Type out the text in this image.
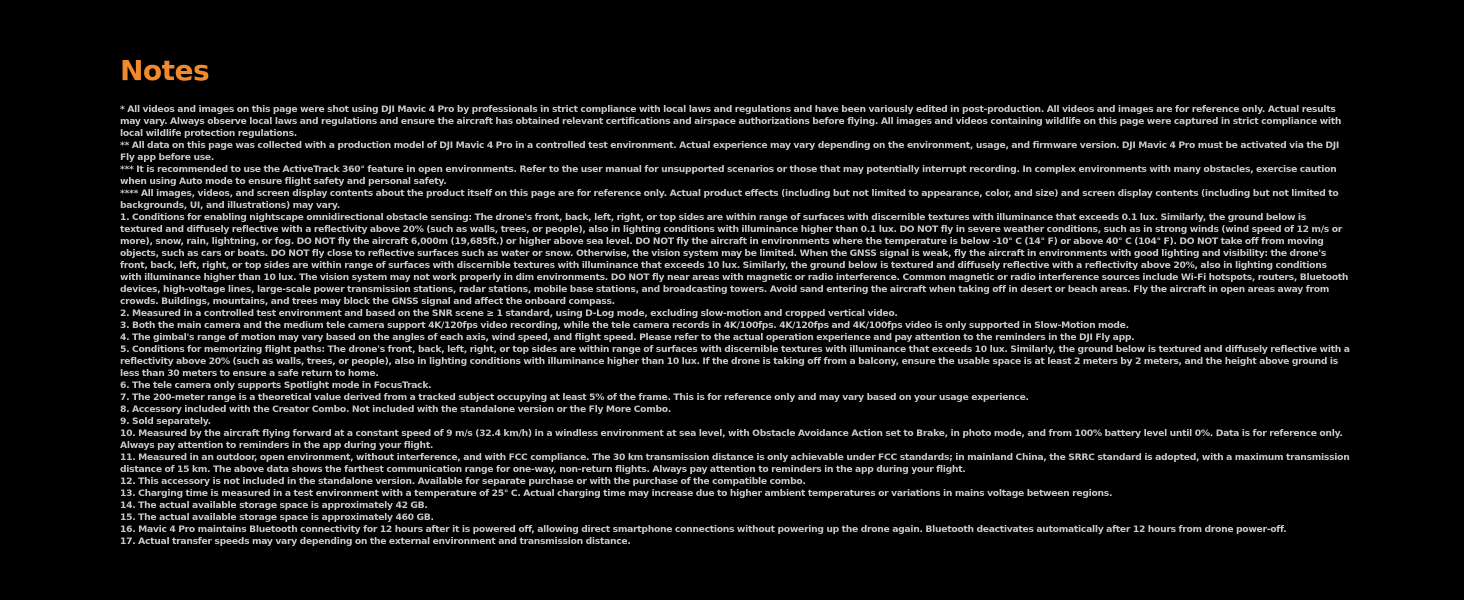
Notes

* All videos and images on this page were shot using DJI Mavic 4 Pro by professionals in strict compliance with local laws and regulations and have been variously edited in post-production. All videos and images are for reference only. Actual results may vary. Always observe local laws and regulations and ensure the aircraft has obtained relevant certifications and airspace authorizations before flying. All images and videos containing wildlife on this page were captured in strict compliance with local wildlife protection regulations.

** All data on this page was collected with a production model of DJI Mavic 4 Pro in a controlled test environment. Actual experience may vary depending on the environment, usage, and firmware version. DJI Mavic 4 Pro must be activated via the DJI Fly app before use.

*** It is recommended to use the ActiveTrack 360° feature in open environments. Refer to the user manual for unsupported scenarios or those that may potentially interrupt recording. In complex environments with many obstacles, exercise caution when using Auto mode to ensure flight safety and personal safety.

**** All images, videos, and screen display contents about the product itself on this page are for reference only. Actual product effects (including but not limited to appearance, color, and size) and screen display contents (including but not limited to backgrounds, UI, and illustrations) may vary.

1. Conditions for enabling nightscape omnidirectional obstacle sensing: The drone's front, back, left, right, or top sides are within range of surfaces with discernible textures with illuminance that exceeds 0.1 lux. Similarly, the ground below is textured and diffusely reflective with a reflectivity above 20% (such as walls, trees, or people), also in lighting conditions with illuminance higher than 0.1 lux. DO NOT fly in severe weather conditions, such as in strong winds (wind speed of 12 m/s or more), snow, rain, lightning, or fog. DO NOT fly the aircraft 6,000m (19,685ft.) or higher above sea level. DO NOT fly the aircraft in environments where the temperature is below -10° C (14° F) or above 40° C (104° F). DO NOT take off from moving objects, such as cars or boats. DO NOT fly close to reflective surfaces such as water or snow. Otherwise, the vision system may be limited. When the GNSS signal is weak, fly the aircraft in environments with good lighting and visibility: the drone's front, back, left, right, or top sides are within range of surfaces with discernible textures with illuminance that exceeds 10 lux. Similarly, the ground below is textured and diffusely reflective with a reflectivity above 20%, also in lighting conditions with illuminance higher than 10 lux. The vision system may not work properly in dim environments. DO NOT fly near areas with magnetic or radio interference. Common magnetic or radio interference sources include Wi-Fi hotspots, routers, Bluetooth devices, high-voltage lines, large-scale power transmission stations, radar stations, mobile base stations, and broadcasting towers. Avoid sand entering the aircraft when taking off in desert or beach areas. Fly the aircraft in open areas away from crowds. Buildings, mountains, and trees may block the GNSS signal and affect the onboard compass.

2. Measured in a controlled test environment and based on the SNR scene ≥ 1 standard, using D-Log mode, excluding slow-motion and cropped vertical video.

3. Both the main camera and the medium tele camera support 4K/120fps video recording, while the tele camera records in 4K/100fps. 4K/120fps and 4K/100fps video is only supported in Slow-Motion mode.

4. The gimbal's range of motion may vary based on the angles of each axis, wind speed, and flight speed. Please refer to the actual operation experience and pay attention to the reminders in the DJI Fly app.

5. Conditions for memorizing flight paths: The drone's front, back, left, right, or top sides are within range of surfaces with discernible textures with illuminance that exceeds 10 lux. Similarly, the ground below is textured and diffusely reflective with a reflectivity above 20% (such as walls, trees, or people), also in lighting conditions with illuminance higher than 10 lux. If the drone is taking off from a balcony, ensure the usable space is at least 2 meters by 2 meters, and the height above ground is less than 30 meters to ensure a safe return to home.

6. The tele camera only supports Spotlight mode in FocusTrack.

7. The 200-meter range is a theoretical value derived from a tracked subject occupying at least 5% of the frame. This is for reference only and may vary based on your usage experience.

8. Accessory included with the Creator Combo. Not included with the standalone version or the Fly More Combo.

9. Sold separately.

10. Measured by the aircraft flying forward at a constant speed of 9 m/s (32.4 km/h) in a windless environment at sea level, with Obstacle Avoidance Action set to Brake, in photo mode, and from 100% battery level until 0%. Data is for reference only. Always pay attention to reminders in the app during your flight.

11. Measured in an outdoor, open environment, without interference, and with FCC compliance. The 30 km transmission distance is only achievable under FCC standards; in mainland China, the SRRC standard is adopted, with a maximum transmission distance of 15 km. The above data shows the farthest communication range for one-way, non-return flights. Always pay attention to reminders in the app during your flight.

12. This accessory is not included in the standalone version. Available for separate purchase or with the purchase of the compatible combo.

13. Charging time is measured in a test environment with a temperature of 25° C. Actual charging time may increase due to higher ambient temperatures or variations in mains voltage between regions.

14. The actual available storage space is approximately 42 GB.

15. The actual available storage space is approximately 460 GB.

16. Mavic 4 Pro maintains Bluetooth connectivity for 12 hours after it is powered off, allowing direct smartphone connections without powering up the drone again. Bluetooth deactivates automatically after 12 hours from drone power-off.

17. Actual transfer speeds may vary depending on the external environment and transmission distance.
